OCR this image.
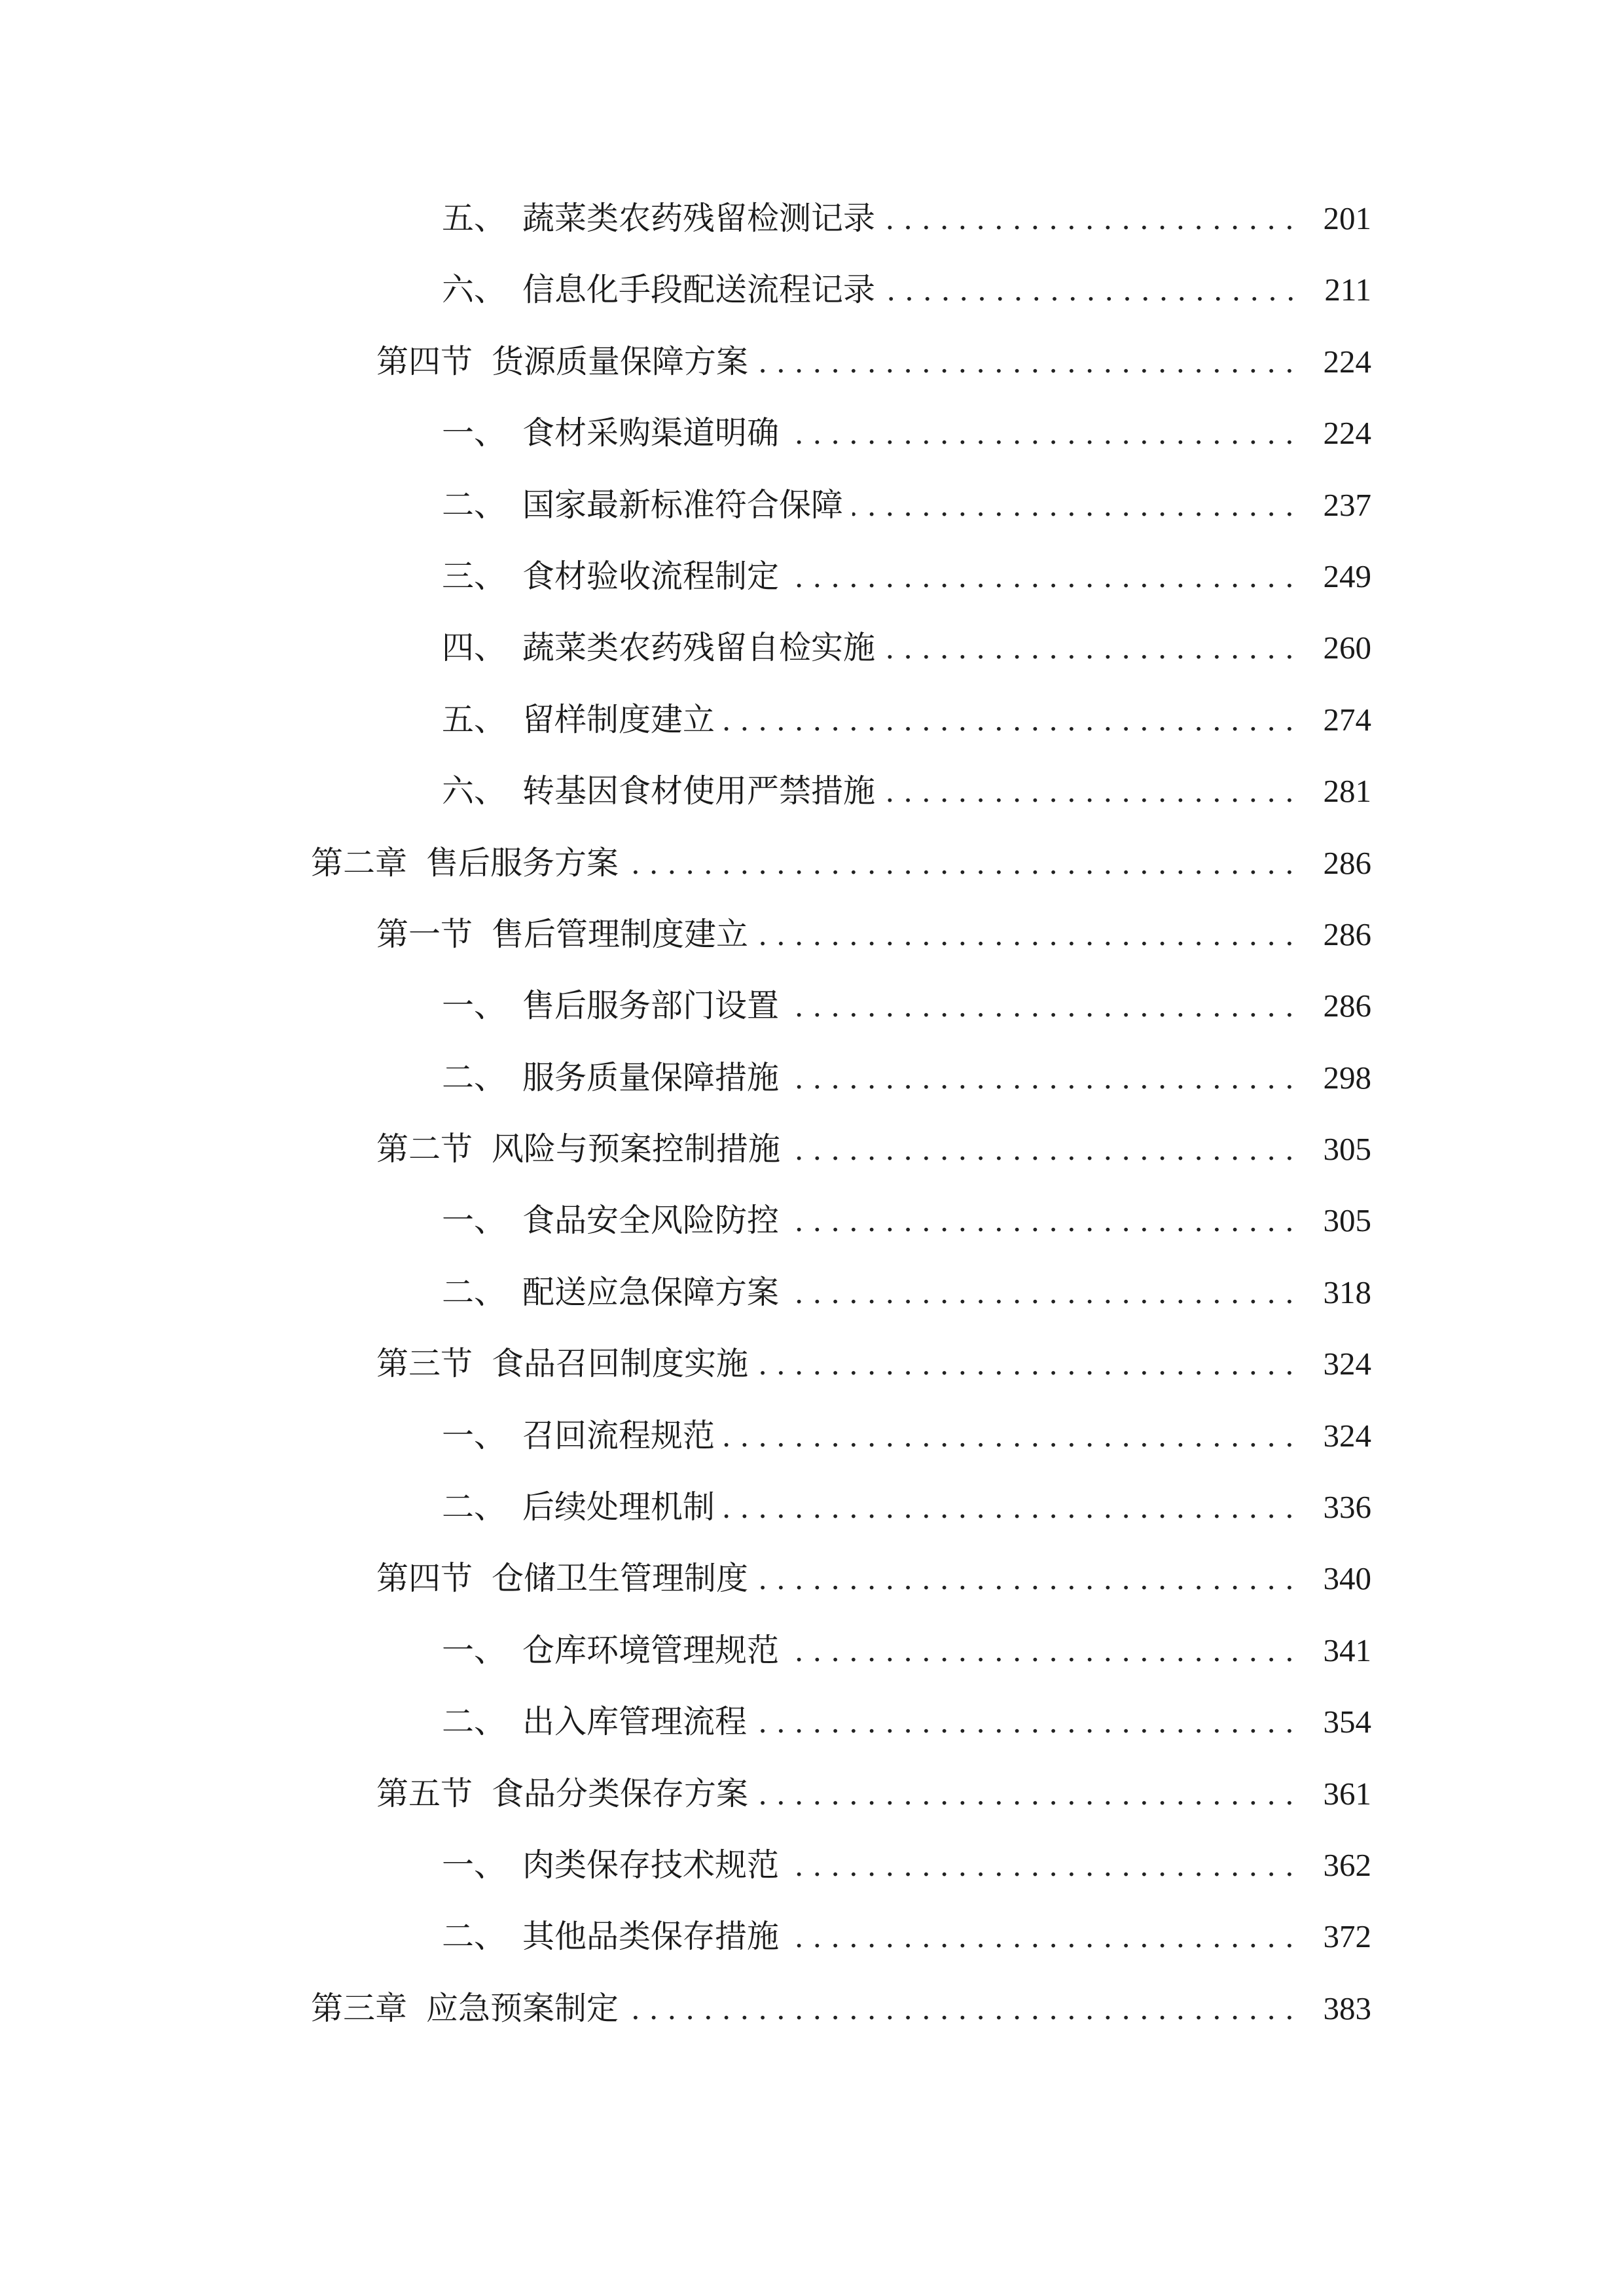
五、 蔬菜类农药残留检测记录 .....	201
六、 信息化手段配送流程记录 .....	211
第四节 货源质量保障方案 .....	224
一、 食材采购渠道明确 .....	224
二、 国家最新标准符合保障 .....	237
三、 食材验收流程制定 .....	249
四、 蔬菜类农药残留自检实施 .....	260
五、 留样制度建立 .....	274
六、 转基因食材使用严禁措施 .....	281
第二章 售后服务方案 .....	286
第一节 售后管理制度建立 .....	286
一、 售后服务部门设置 .....	286
二、 服务质量保障措施 .....	298
第二节 风险与预案控制措施 .....	305
一、 食品安全风险防控 .....	305
二、 配送应急保障方案 .....	318
第三节 食品召回制度实施 .....	324
一、 召回流程规范 .....	324
二、 后续处理机制 .....	336
第四节 仓储卫生管理制度 .....	340
一、 仓库环境管理规范 .....	341
二、 出入库管理流程 .....	354
第五节 食品分类保存方案 .....	361
一、 肉类保存技术规范 .....	362
二、 其他品类保存措施 .....	372
第三章 应急预案制定 .....	383
